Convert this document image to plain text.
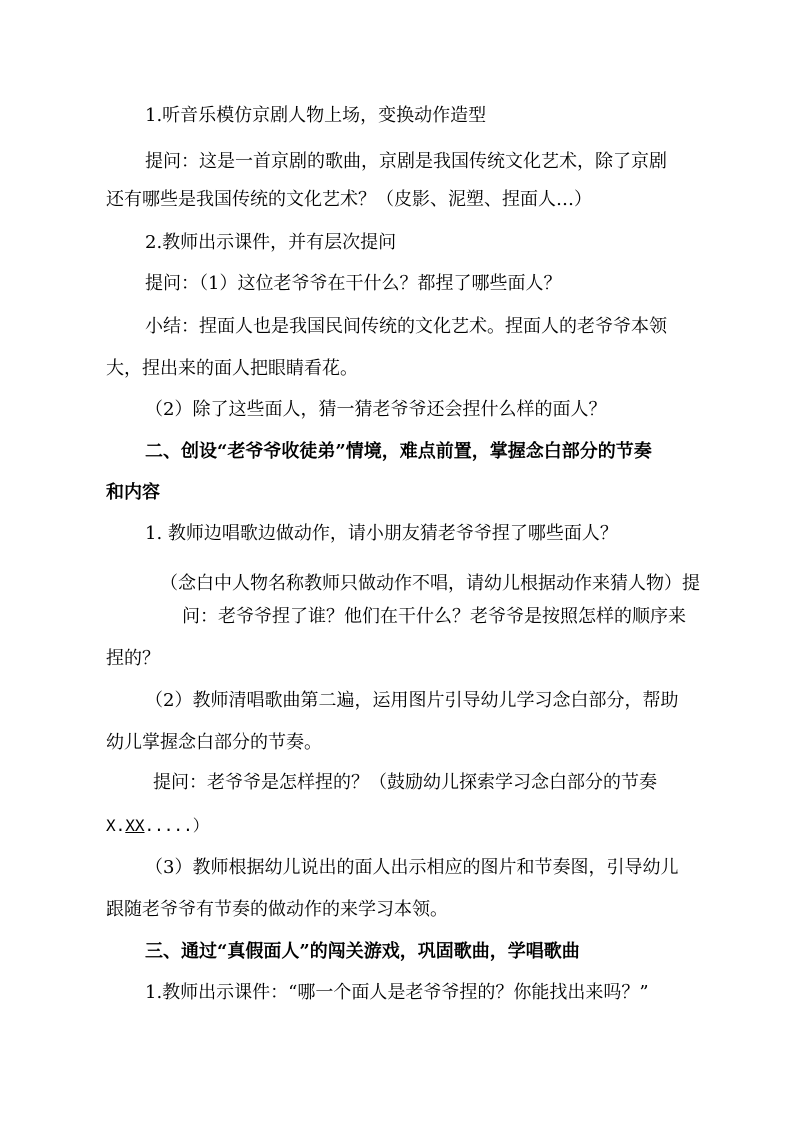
1.听音乐模仿京剧人物上场，变换动作造型
提问：这是一首京剧的歌曲，京剧是我国传统文化艺术，除了京剧
还有哪些是我国传统的文化艺术？（皮影、泥塑、捏面人…）
2.教师出示课件，并有层次提问
提问：（1）这位老爷爷在干什么？都捏了哪些面人？
小结：捏面人也是我国民间传统的文化艺术。捏面人的老爷爷本领
大，捏出来的面人把眼睛看花。
（2）除了这些面人，猜一猜老爷爷还会捏什么样的面人？
二、创设“老爷爷收徒弟”情境，难点前置，掌握念白部分的节奏
和内容
1. 教师边唱歌边做动作，请小朋友猜老爷爷捏了哪些面人？
（念白中人物名称教师只做动作不唱，请幼儿根据动作来猜人物）提
问：老爷爷捏了谁？他们在干什么？老爷爷是按照怎样的顺序来
捏的？
（2）教师清唱歌曲第二遍，运用图片引导幼儿学习念白部分，帮助
幼儿掌握念白部分的节奏。
提问：老爷爷是怎样捏的？（鼓励幼儿探索学习念白部分的节奏
X.XX.....）
（3）教师根据幼儿说出的面人出示相应的图片和节奏图，引导幼儿
跟随老爷爷有节奏的做动作的来学习本领。
三、通过“真假面人”的闯关游戏，巩固歌曲，学唱歌曲
1.教师出示课件：“哪一个面人是老爷爷捏的？你能找出来吗？”
